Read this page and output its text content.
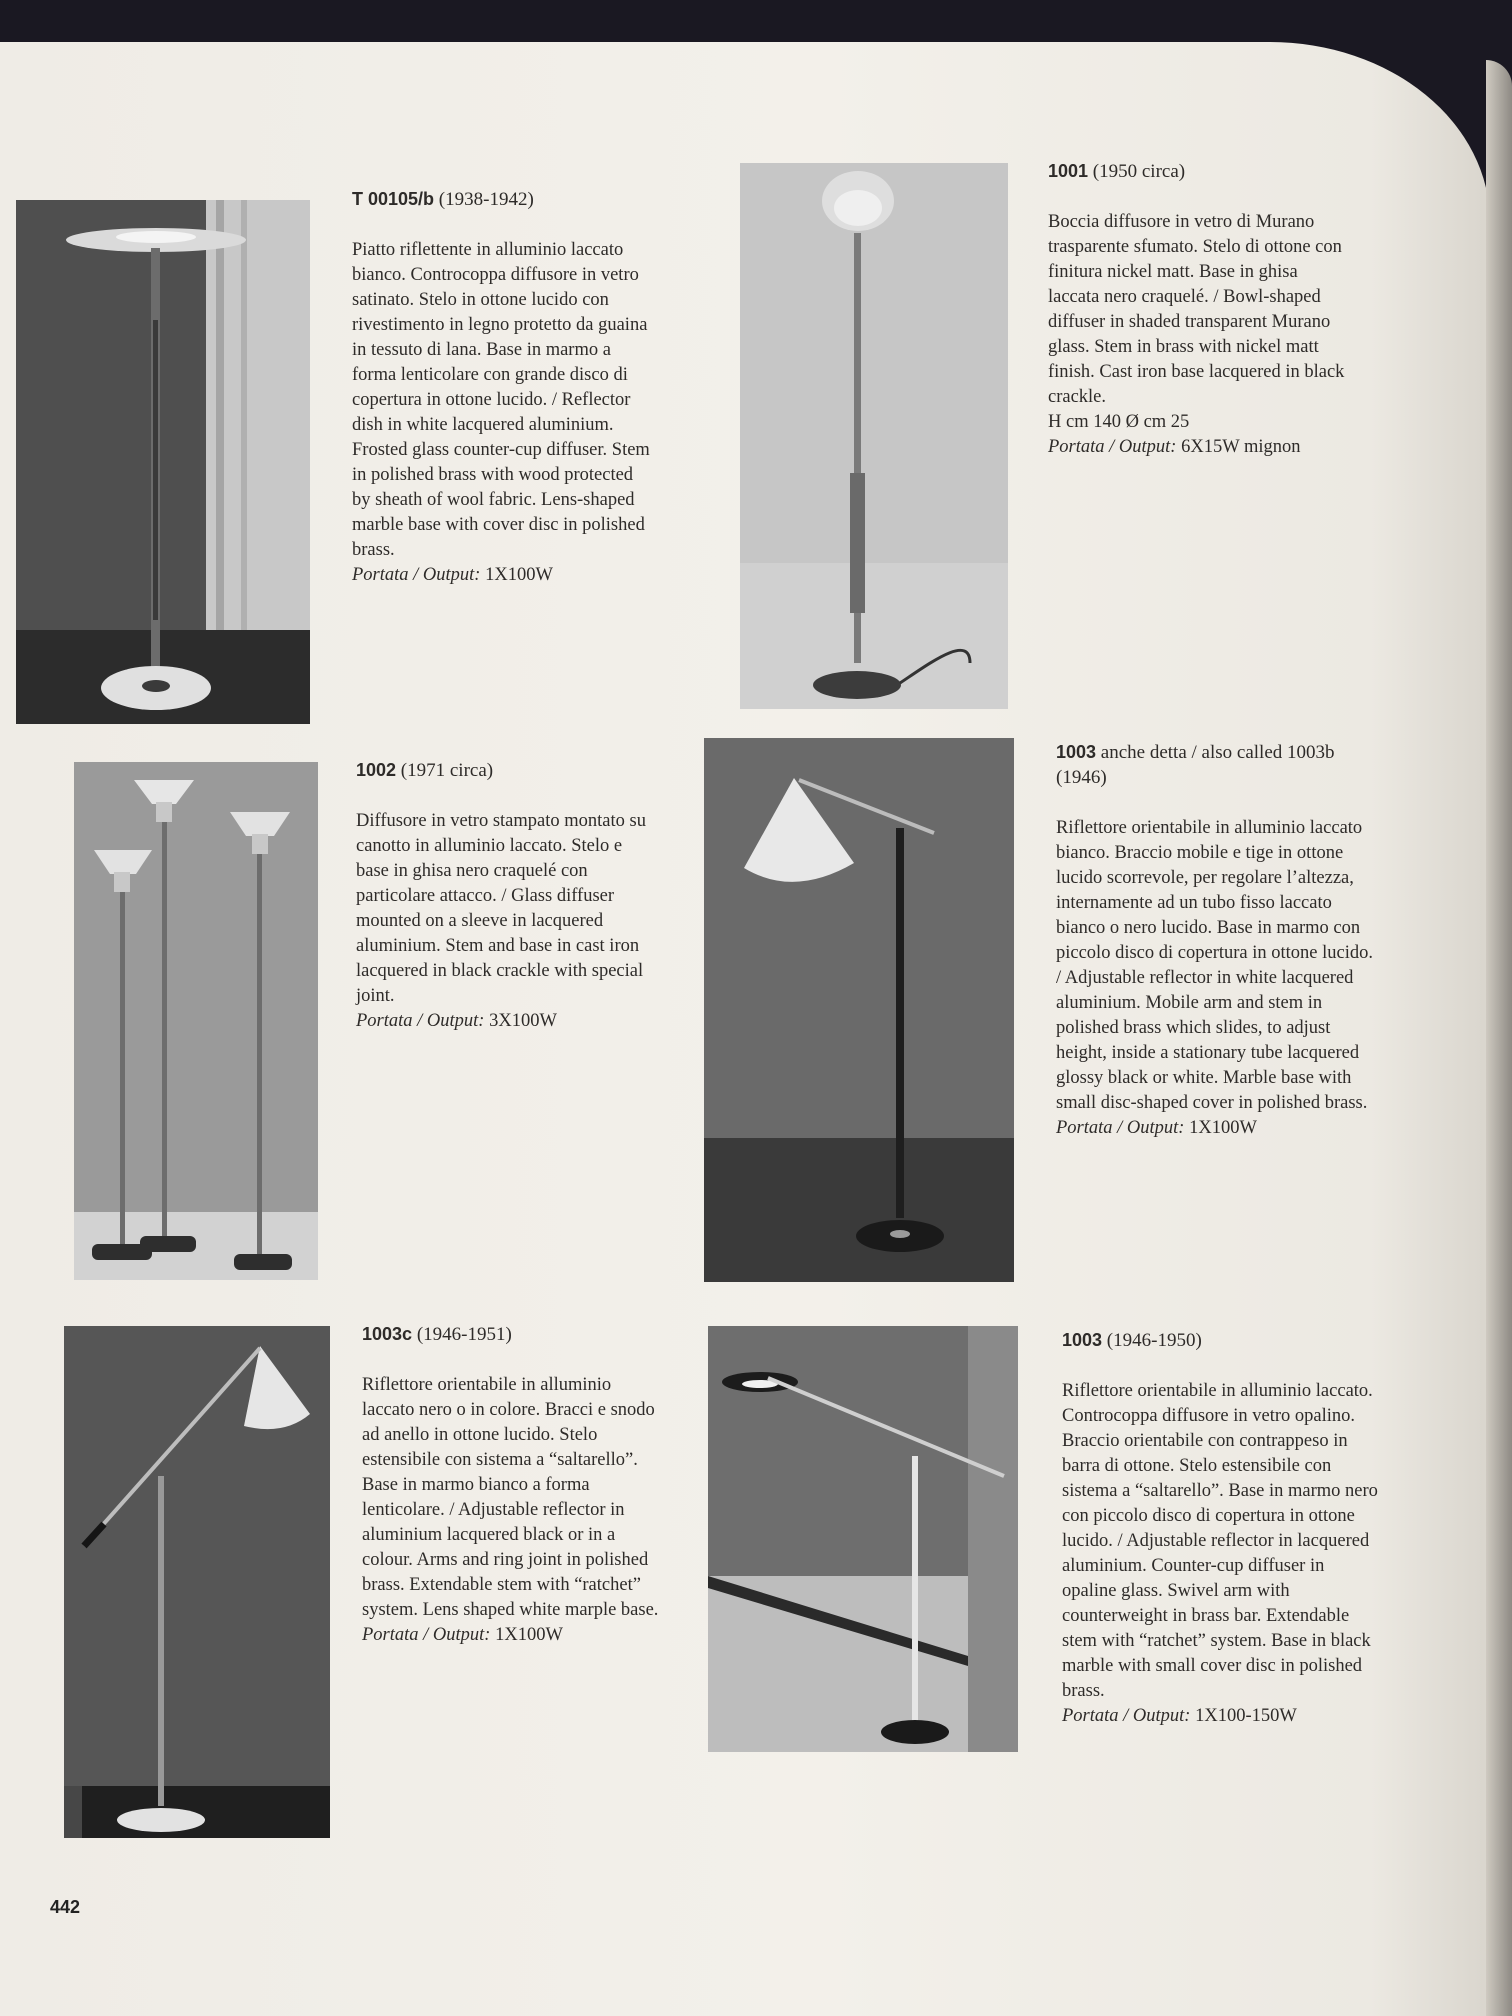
T 00105/b (1938-1942)

Piatto riflettente in alluminio laccato bianco. Controcoppa diffusore in vetro satinato. Stelo in ottone lucido con rivestimento in legno protetto da guaina in tessuto di lana. Base in marmo a forma lenticolare con grande disco di copertura in ottone lucido. / Reflector dish in white lacquered aluminium. Frosted glass counter-cup diffuser. Stem in polished brass with wood protected by sheath of wool fabric. Lens-shaped marble base with cover disc in polished brass.

Portata / Output: 1X100W

1001 (1950 circa)

Boccia diffusore in vetro di Murano trasparente sfumato. Stelo di ottone con finitura nickel matt. Base in ghisa laccata nero craquelé. / Bowl-shaped diffuser in shaded transparent Murano glass. Stem in brass with nickel matt finish. Cast iron base lacquered in black crackle.

H cm 140 Ø cm 25

Portata / Output: 6X15W mignon

1002 (1971 circa)

Diffusore in vetro stampato montato su canotto in alluminio laccato. Stelo e base in ghisa nero craquelé con particolare attacco. / Glass diffuser mounted on a sleeve in lacquered aluminium. Stem and base in cast iron lacquered in black crackle with special joint.

Portata / Output: 3X100W

1003 anche detta / also called 1003b (1946)

Riflettore orientabile in alluminio laccato bianco. Braccio mobile e tige in ottone lucido scorrevole, per regolare l’altezza, internamente ad un tubo fisso laccato bianco o nero lucido. Base in marmo con piccolo disco di copertura in ottone lucido. / Adjustable reflector in white lacquered aluminium. Mobile arm and stem in polished brass which slides, to adjust height, inside a stationary tube lacquered glossy black or white. Marble base with small disc-shaped cover in polished brass.

Portata / Output: 1X100W

1003c (1946-1951)

Riflettore orientabile in alluminio laccato nero o in colore. Bracci e snodo ad anello in ottone lucido. Stelo estensibile con sistema a “saltarello”. Base in marmo bianco a forma lenticolare. / Adjustable reflector in aluminium lacquered black or in a colour. Arms and ring joint in polished brass. Extendable stem with “ratchet” system. Lens shaped white marple base.

Portata / Output: 1X100W

1003 (1946-1950)

Riflettore orientabile in alluminio laccato. Controcoppa diffusore in vetro opalino. Braccio orientabile con contrappeso in barra di ottone. Stelo estensibile con sistema a “saltarello”. Base in marmo nero con piccolo disco di copertura in ottone lucido. / Adjustable reflector in lacquered aluminium. Counter-cup diffuser in opaline glass. Swivel arm with counterweight in brass bar. Extendable stem with “ratchet” system. Base in black marble with small cover disc in polished brass.

Portata / Output: 1X100-150W

442
